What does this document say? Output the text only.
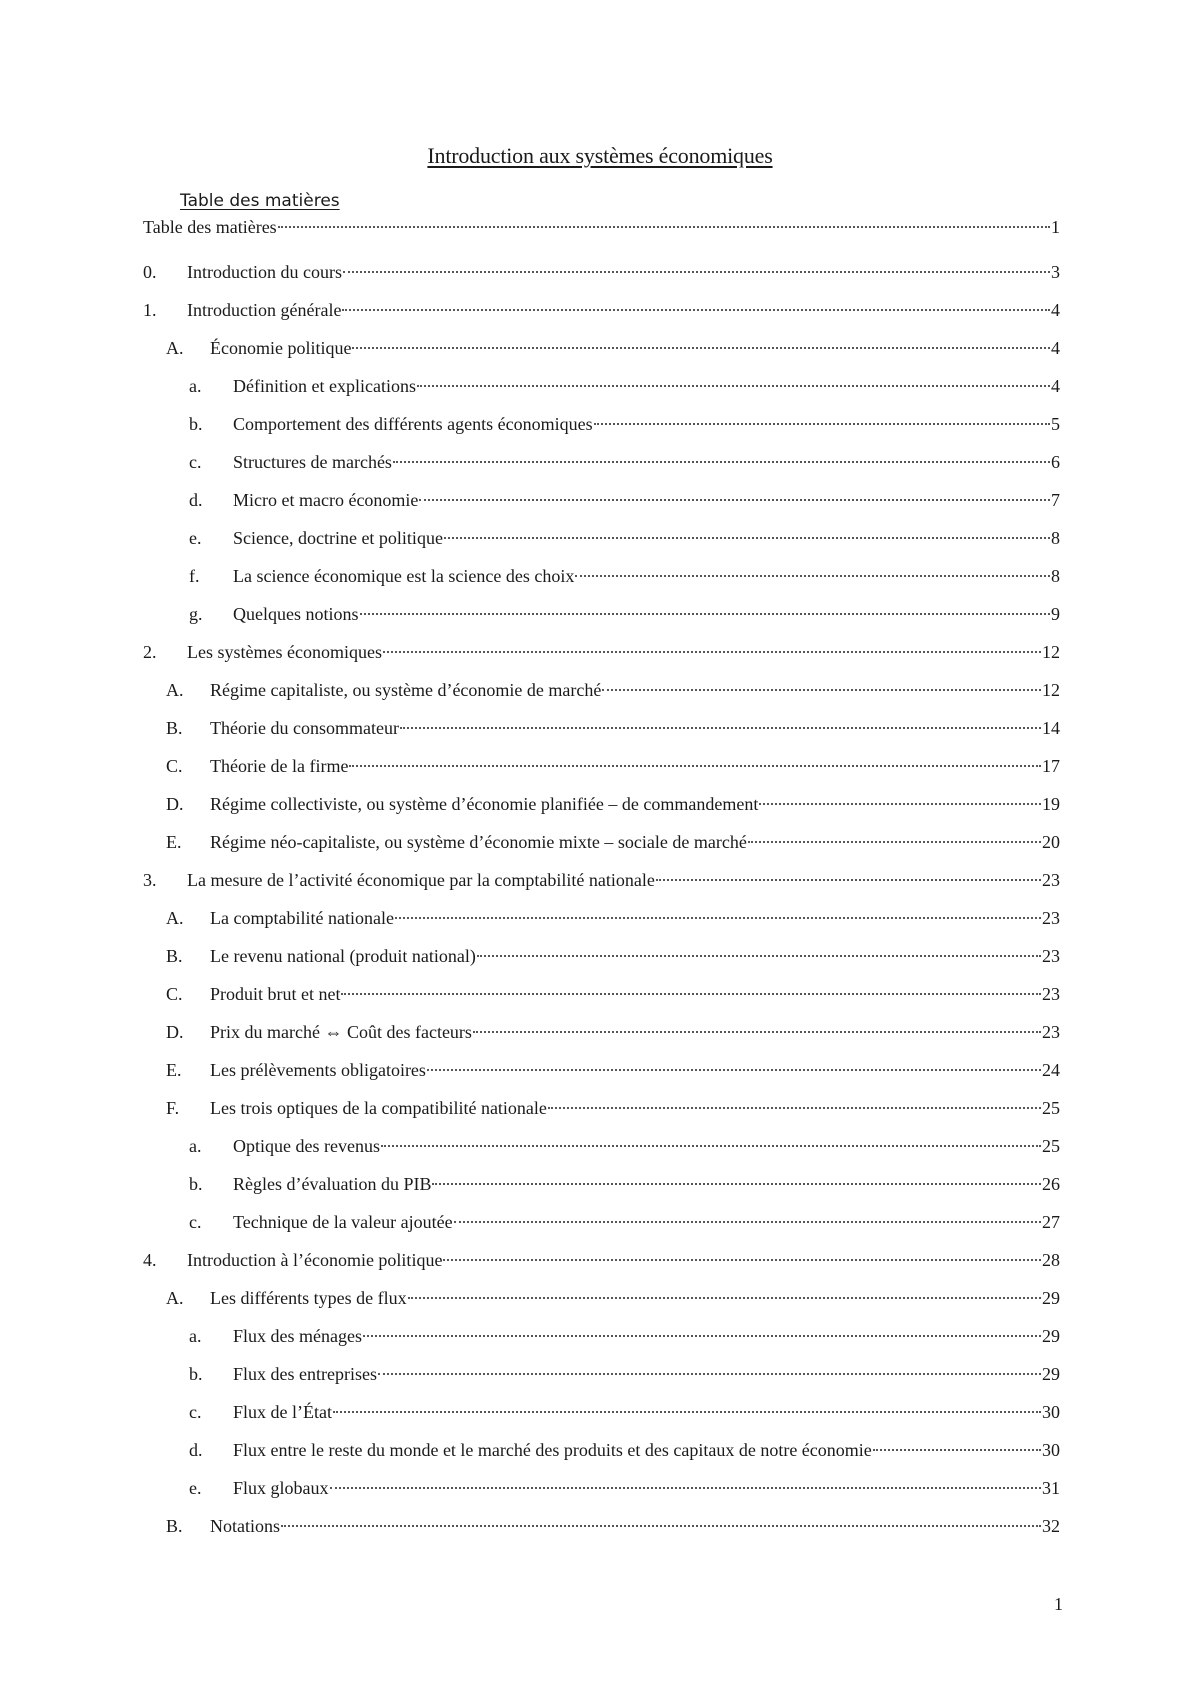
Introduction aux systèmes économiques
Table des matières
Table des matières	1
0.	Introduction du cours	3
1.	Introduction générale	4
A.	Économie politique	4
a.	Définition et explications	4
b.	Comportement des différents agents économiques	5
c.	Structures de marchés	6
d.	Micro et macro économie	7
e.	Science, doctrine et politique	8
f.	La science économique est la science des choix	8
g.	Quelques notions	9
2.	Les systèmes économiques	12
A.	Régime capitaliste, ou système d’économie de marché	12
B.	Théorie du consommateur	14
C.	Théorie de la firme	17
D.	Régime collectiviste, ou système d’économie planifiée – de commandement	19
E.	Régime néo-capitaliste, ou système d’économie mixte – sociale de marché	20
3.	La mesure de l’activité économique par la comptabilité nationale	23
A.	La comptabilité nationale	23
B.	Le revenu national (produit national)	23
C.	Produit brut et net	23
D.	Prix du marché ⇔ Coût des facteurs	23
E.	Les prélèvements obligatoires	24
F.	Les trois optiques de la compatibilité nationale	25
a.	Optique des revenus	25
b.	Règles d’évaluation du PIB	26
c.	Technique de la valeur ajoutée	27
4.	Introduction à l’économie politique	28
A.	Les différents types de flux	29
a.	Flux des ménages	29
b.	Flux des entreprises	29
c.	Flux de l’État	30
d.	Flux entre le reste du monde et le marché des produits et des capitaux de notre économie	30
e.	Flux globaux	31
B.	Notations	32
1
